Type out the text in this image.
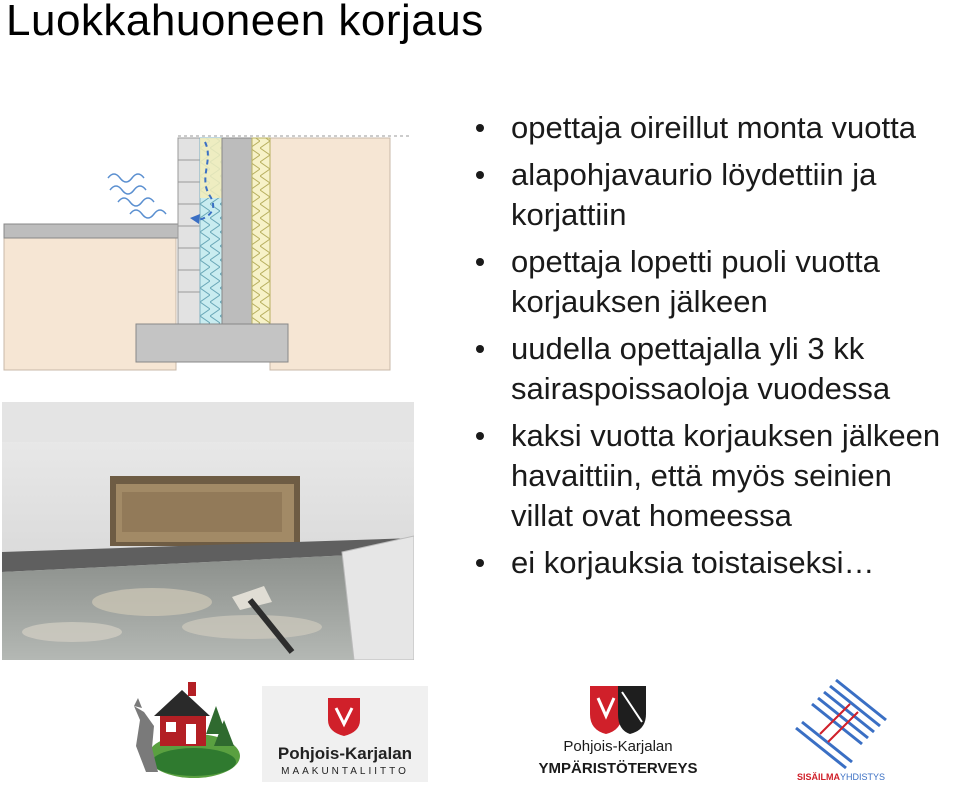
Luokkahuoneen korjaus
Pohjois-Karjalan
MAAKUNTALIITTO
Pohjois-Karjalan
YMPÄRISTÖTERVEYS	SISÄILMAYHDISTYS
opettaja oireillut monta vuotta
alapohjavaurio löydettiin ja korjattiin
opettaja lopetti puoli vuotta korjauksen jälkeen
uudella opettajalla yli 3 kk sairaspoissaoloja vuodessa
kaksi vuotta korjauksen jälkeen havaittiin, että myös seinien villat ovat homeessa
ei korjauksia toistaiseksi…
